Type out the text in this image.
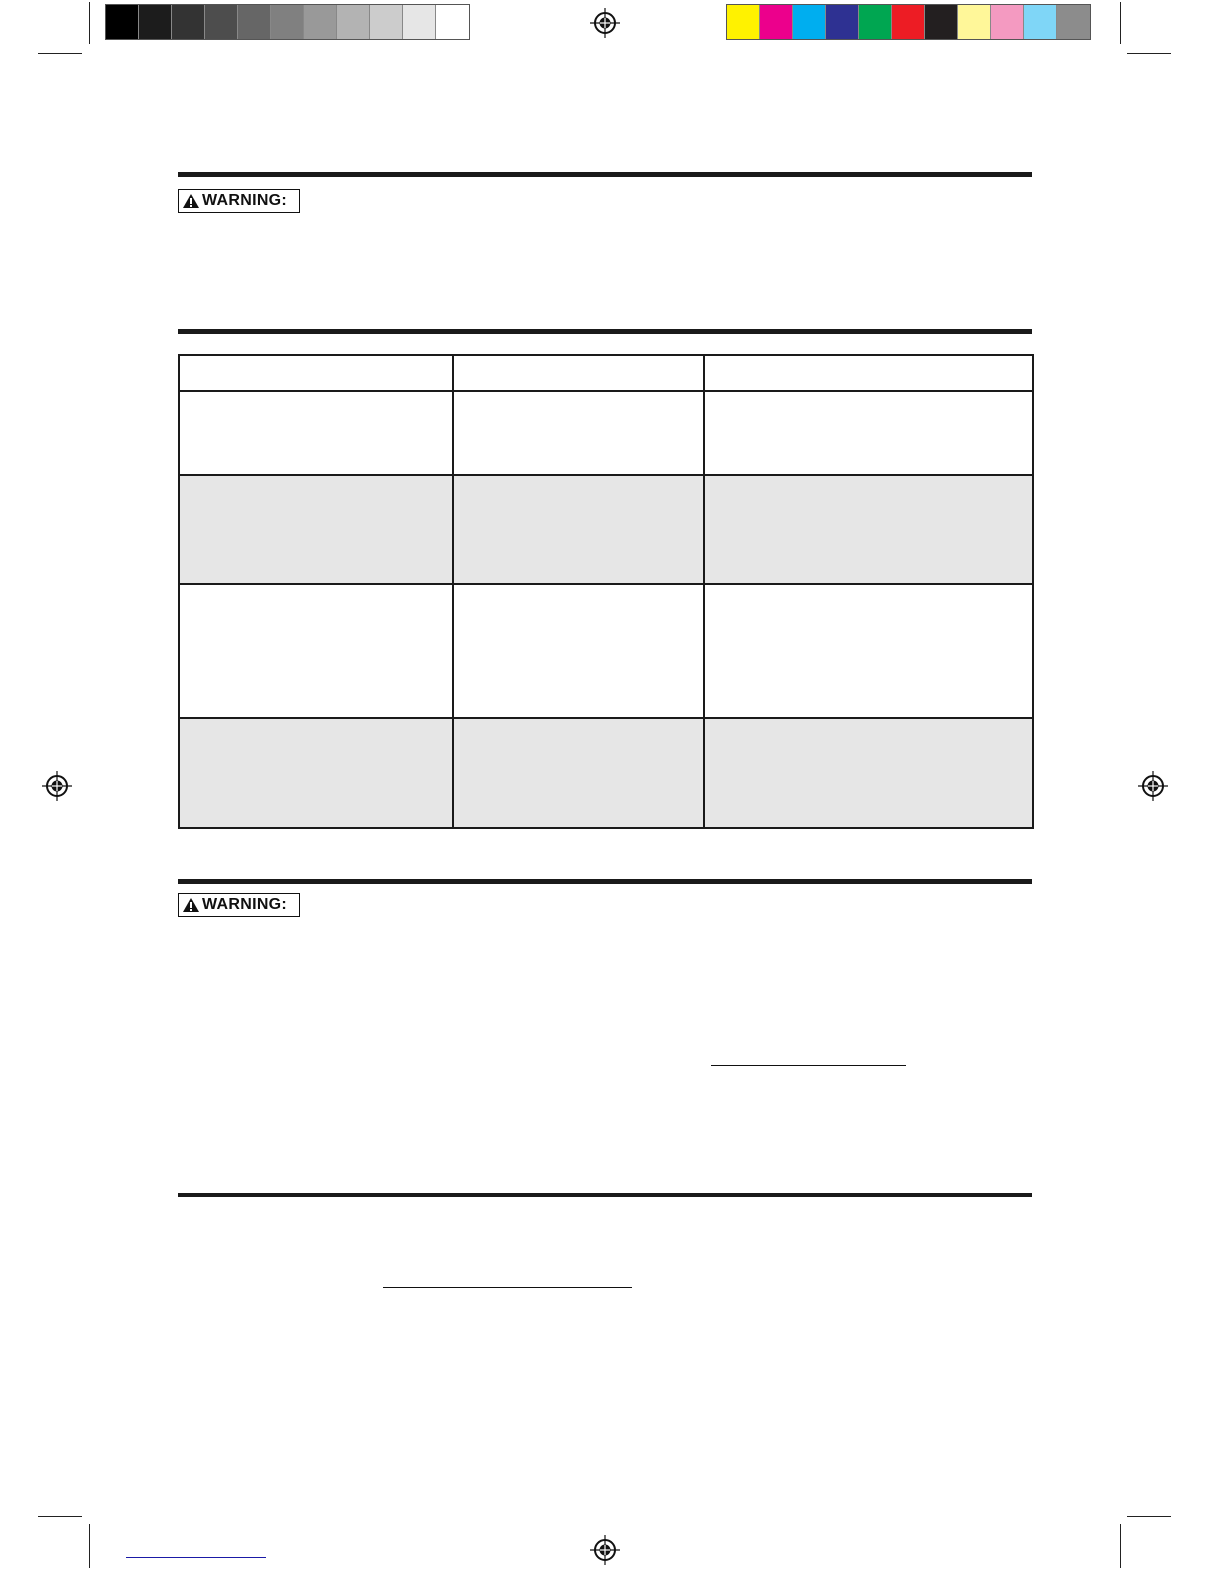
WARNING:

WARNING:
